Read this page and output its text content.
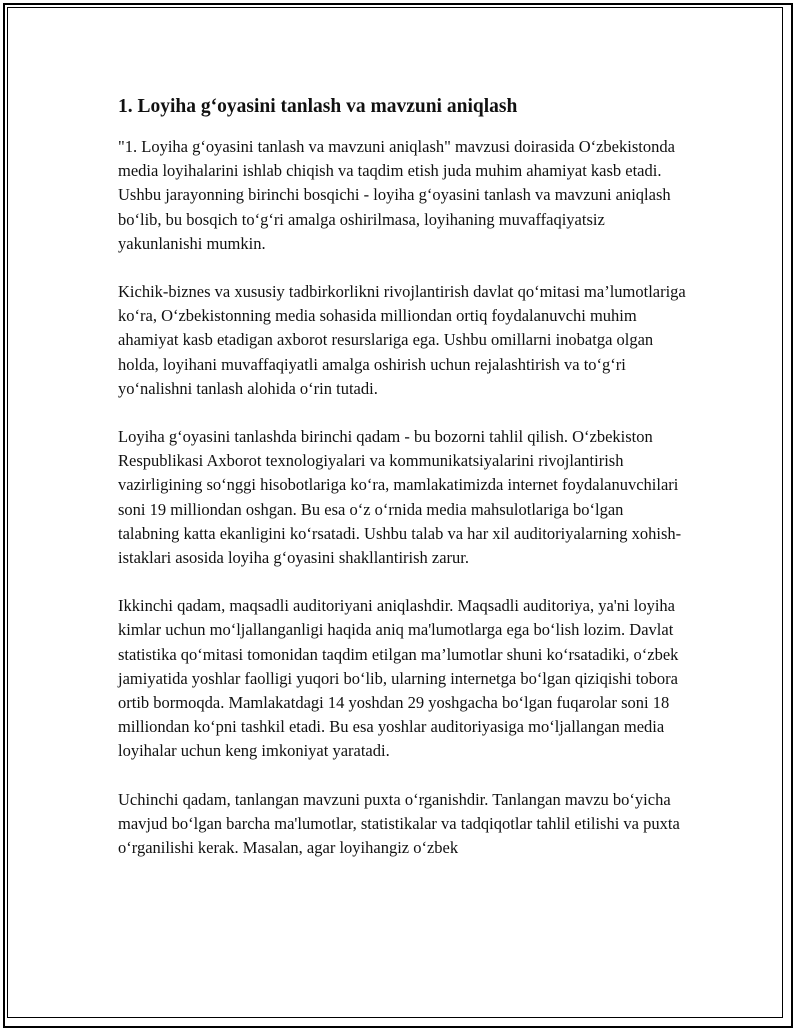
1. Loyiha g‘oyasini tanlash va mavzuni aniqlash

"1. Loyiha g‘oyasini tanlash va mavzuni aniqlash" mavzusi doirasida O‘zbekistonda media loyihalarini ishlab chiqish va taqdim etish juda muhim ahamiyat kasb etadi. Ushbu jarayonning birinchi bosqichi - loyiha g‘oyasini tanlash va mavzuni aniqlash bo‘lib, bu bosqich to‘g‘ri amalga oshirilmasa, loyihaning muvaffaqiyatsiz yakunlanishi mumkin.

Kichik-biznes va xususiy tadbirkorlikni rivojlantirish davlat qo‘mitasi ma’lumotlariga ko‘ra, O‘zbekistonning media sohasida milliondan ortiq foydalanuvchi muhim ahamiyat kasb etadigan axborot resurslariga ega. Ushbu omillarni inobatga olgan holda, loyihani muvaffaqiyatli amalga oshirish uchun rejalashtirish va to‘g‘ri yo‘nalishni tanlash alohida o‘rin tutadi.

Loyiha g‘oyasini tanlashda birinchi qadam - bu bozorni tahlil qilish. O‘zbekiston Respublikasi Axborot texnologiyalari va kommunikatsiyalarini rivojlantirish vazirligining so‘nggi hisobotlariga ko‘ra, mamlakatimizda internet foydalanuvchilari soni 19 milliondan oshgan. Bu esa o‘z o‘rnida media mahsulotlariga bo‘lgan talabning katta ekanligini ko‘rsatadi. Ushbu talab va har xil auditoriyalarning xohish-istaklari asosida loyiha g‘oyasini shakllantirish zarur.

Ikkinchi qadam, maqsadli auditoriyani aniqlashdir. Maqsadli auditoriya, ya'ni loyiha kimlar uchun mo‘ljallanganligi haqida aniq ma'lumotlarga ega bo‘lish lozim. Davlat statistika qo‘mitasi tomonidan taqdim etilgan ma’lumotlar shuni ko‘rsatadiki, o‘zbek jamiyatida yoshlar faolligi yuqori bo‘lib, ularning internetga bo‘lgan qiziqishi tobora ortib bormoqda. Mamlakatdagi 14 yoshdan 29 yoshgacha bo‘lgan fuqarolar soni 18 milliondan ko‘pni tashkil etadi. Bu esa yoshlar auditoriyasiga mo‘ljallangan media loyihalar uchun keng imkoniyat yaratadi.

Uchinchi qadam, tanlangan mavzuni puxta o‘rganishdir. Tanlangan mavzu bo‘yicha mavjud bo‘lgan barcha ma'lumotlar, statistikalar va tadqiqotlar tahlil etilishi va puxta o‘rganilishi kerak. Masalan, agar loyihangiz o‘zbek
